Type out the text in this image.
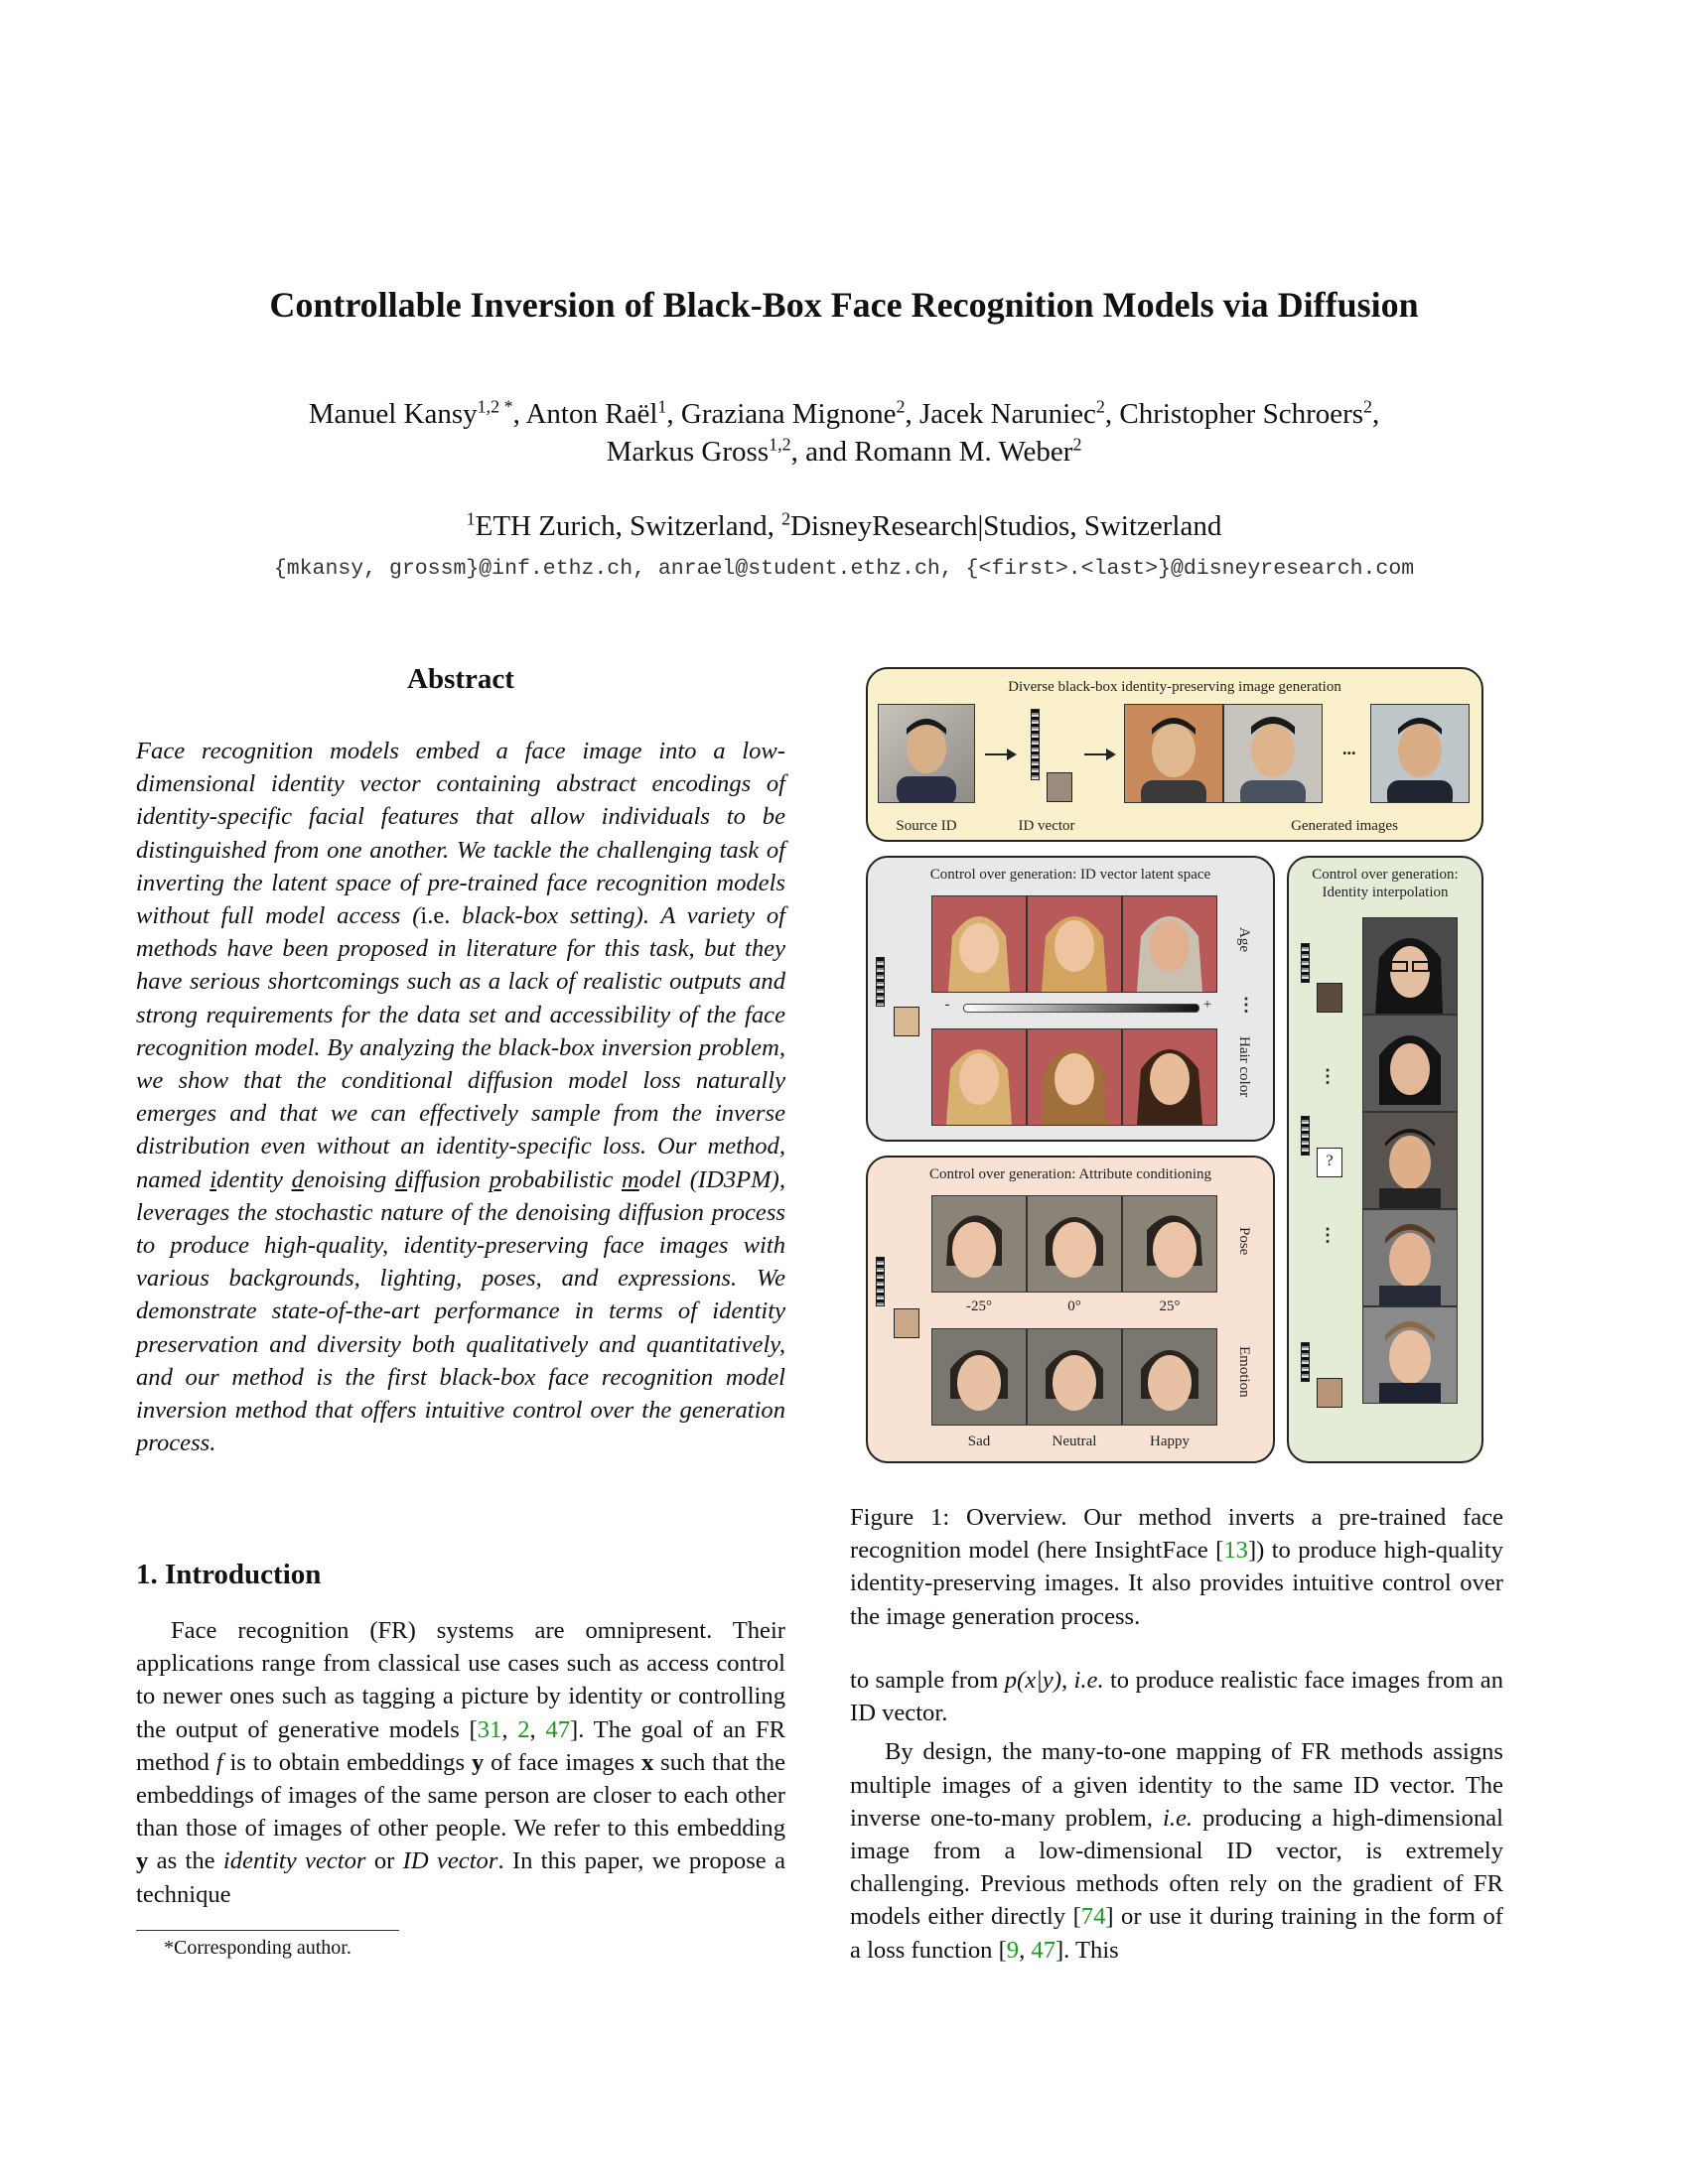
Controllable Inversion of Black-Box Face Recognition Models via Diffusion
Manuel Kansy$^{1,2 *}$, Anton Raël$^1$, Graziana Mignone$^2$, Jacek Naruniec$^2$, Christopher Schroers$^2$,
Markus Gross$^{1,2}$, and Romann M. Weber$^2$
$^1$ETH Zurich, Switzerland, $^2$DisneyResearch|Studios, Switzerland
{mkansy, grossm}@inf.ethz.ch, anrael@student.ethz.ch, {<first>.<last>}@disneyresearch.com
Abstract
Face recognition models embed a face image into a low-dimensional identity vector containing abstract encodings of identity-specific facial features that allow individuals to be distinguished from one another. We tackle the challenging task of inverting the latent space of pre-trained face recognition models without full model access (i.e. black-box setting). A variety of methods have been proposed in literature for this task, but they have serious shortcomings such as a lack of realistic outputs and strong requirements for the data set and accessibility of the face recognition model. By analyzing the black-box inversion problem, we show that the conditional diffusion model loss naturally emerges and that we can effectively sample from the inverse distribution even without an identity-specific loss. Our method, named identity denoising diffusion probabilistic model (ID3PM), leverages the stochastic nature of the denoising diffusion process to produce high-quality, identity-preserving face images with various backgrounds, lighting, poses, and expressions. We demonstrate state-of-the-art performance in terms of identity preservation and diversity both qualitatively and quantitatively, and our method is the first black-box face recognition model inversion method that offers intuitive control over the generation process.
1. Introduction
Face recognition (FR) systems are omnipresent. Their applications range from classical use cases such as access control to newer ones such as tagging a picture by identity or controlling the output of generative models [31, 2, 47]. The goal of an FR method f is to obtain embeddings y of face images x such that the embeddings of images of the same person are closer to each other than those of images of other people. We refer to this embedding y as the identity vector or ID vector. In this paper, we propose a technique
*Corresponding author.
Diverse black-box identity-preserving image generation
...
Source ID	ID vector	Generated images
Control over generation: ID vector latent space
Age
-	+ ⋮
Hair color
Control over generation: Attribute conditioning
Pose
-25°	0°	25°
Emotion
Sad	Neutral	Happy
Control over generation:
Identity interpolation
⋮
?
⋮
Figure 1: Overview. Our method inverts a pre-trained face recognition model (here InsightFace [13]) to produce high-quality identity-preserving images. It also provides intuitive control over the image generation process.

to sample from p(x|y), i.e. to produce realistic face images from an ID vector.

By design, the many-to-one mapping of FR methods assigns multiple images of a given identity to the same ID vector. The inverse one-to-many problem, i.e. producing a high-dimensional image from a low-dimensional ID vector, is extremely challenging. Previous methods often rely on the gradient of FR models either directly [74] or use it during training in the form of a loss function [9, 47]. This
